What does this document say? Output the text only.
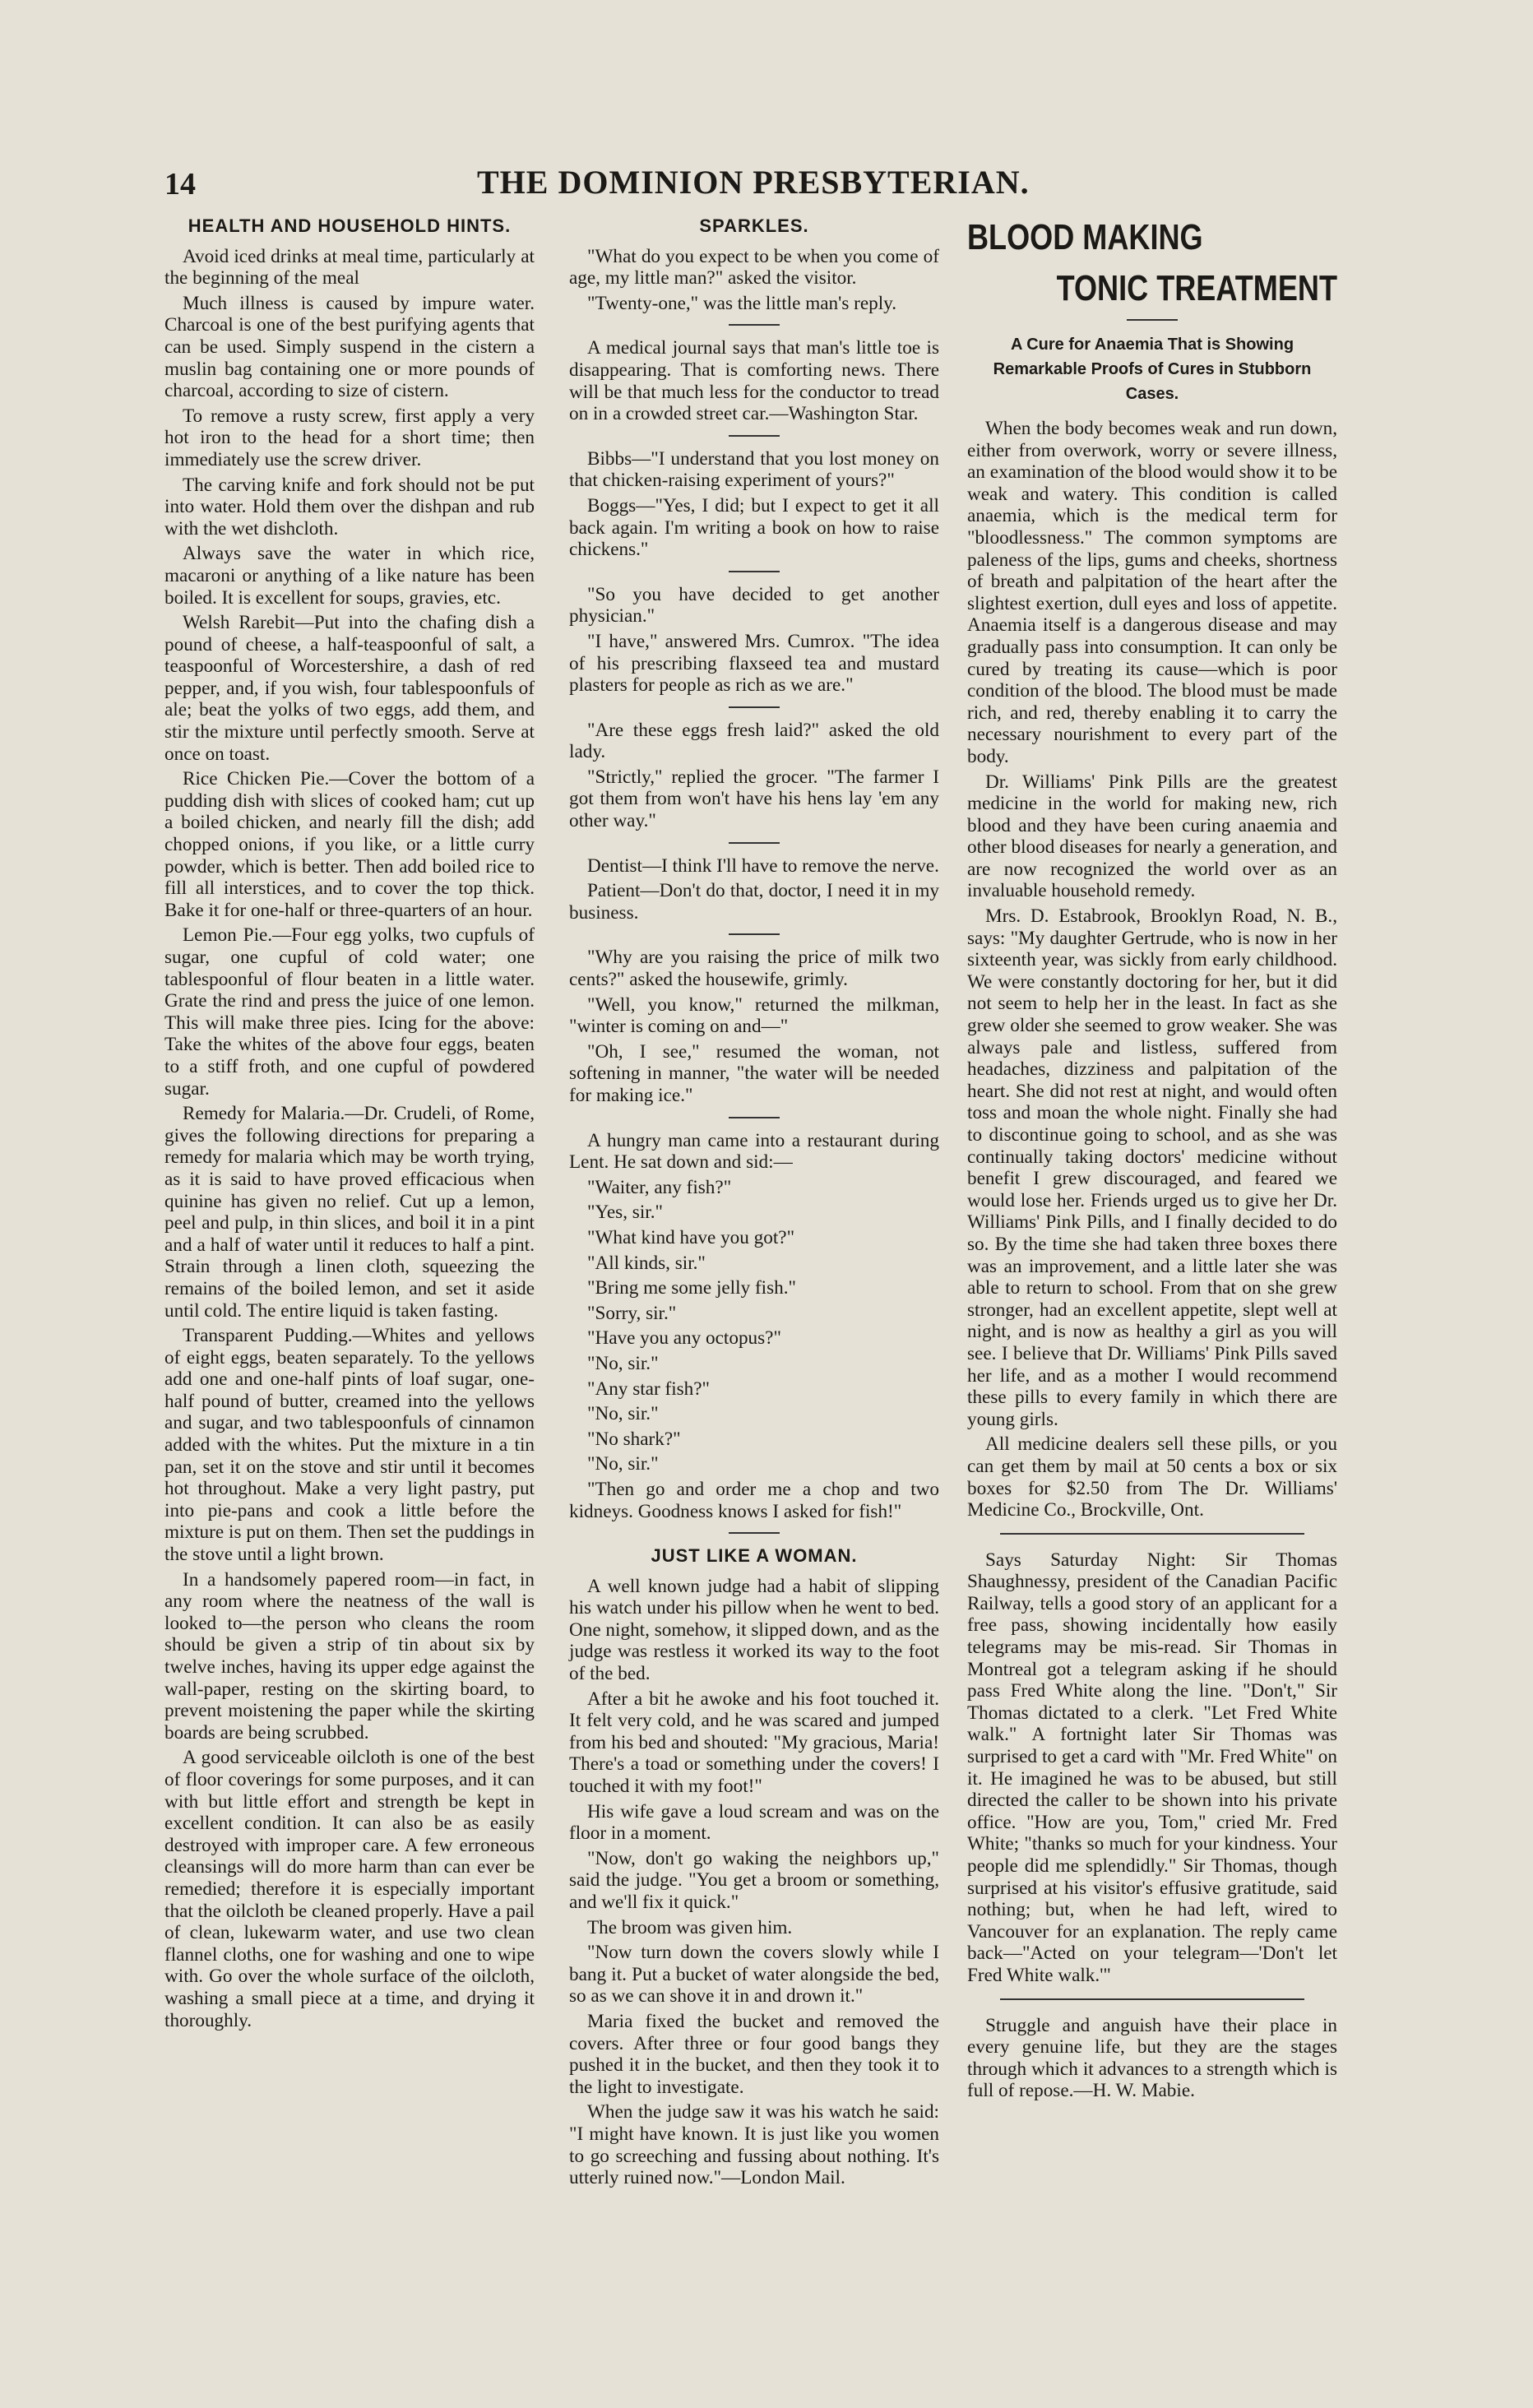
14	THE DOMINION PRESBYTERIAN.
HEALTH AND HOUSEHOLD HINTS.

Avoid iced drinks at meal time, particularly at the beginning of the meal

Much illness is caused by impure water. Charcoal is one of the best purifying agents that can be used. Simply suspend in the cistern a muslin bag containing one or more pounds of charcoal, according to size of cistern.

To remove a rusty screw, first apply a very hot iron to the head for a short time; then immediately use the screw driver.

The carving knife and fork should not be put into water. Hold them over the dishpan and rub with the wet dishcloth.

Always save the water in which rice, macaroni or anything of a like nature has been boiled. It is excellent for soups, gravies, etc.

Welsh Rarebit—Put into the chafing dish a pound of cheese, a half-teaspoonful of salt, a teaspoonful of Worcestershire, a dash of red pepper, and, if you wish, four tablespoonfuls of ale; beat the yolks of two eggs, add them, and stir the mixture until perfectly smooth. Serve at once on toast.

Rice Chicken Pie.—Cover the bottom of a pudding dish with slices of cooked ham; cut up a boiled chicken, and nearly fill the dish; add chopped onions, if you like, or a little curry powder, which is better. Then add boiled rice to fill all interstices, and to cover the top thick. Bake it for one-half or three-quarters of an hour.

Lemon Pie.—Four egg yolks, two cupfuls of sugar, one cupful of cold water; one tablespoonful of flour beaten in a little water. Grate the rind and press the juice of one lemon. This will make three pies. Icing for the above: Take the whites of the above four eggs, beaten to a stiff froth, and one cupful of powdered sugar.

Remedy for Malaria.—Dr. Crudeli, of Rome, gives the following directions for preparing a remedy for malaria which may be worth trying, as it is said to have proved efficacious when quinine has given no relief. Cut up a lemon, peel and pulp, in thin slices, and boil it in a pint and a half of water until it reduces to half a pint. Strain through a linen cloth, squeezing the remains of the boiled lemon, and set it aside until cold. The entire liquid is taken fasting.

Transparent Pudding.—Whites and yellows of eight eggs, beaten separately. To the yellows add one and one-half pints of loaf sugar, one-half pound of butter, creamed into the yellows and sugar, and two tablespoonfuls of cinnamon added with the whites. Put the mixture in a tin pan, set it on the stove and stir until it becomes hot throughout. Make a very light pastry, put into pie-pans and cook a little before the mixture is put on them. Then set the puddings in the stove until a light brown.

In a handsomely papered room—in fact, in any room where the neatness of the wall is looked to—the person who cleans the room should be given a strip of tin about six by twelve inches, having its upper edge against the wall-paper, resting on the skirting board, to prevent moistening the paper while the skirting boards are being scrubbed.

A good serviceable oilcloth is one of the best of floor coverings for some purposes, and it can with but little effort and strength be kept in excellent condition. It can also be as easily destroyed with improper care. A few erroneous cleansings will do more harm than can ever be remedied; therefore it is especially important that the oilcloth be cleaned properly. Have a pail of clean, lukewarm water, and use two clean flannel cloths, one for washing and one to wipe with. Go over the whole surface of the oilcloth, washing a small piece at a time, and drying it thoroughly.

SPARKLES.

"What do you expect to be when you come of age, my little man?" asked the visitor.

"Twenty-one," was the little man's reply.

A medical journal says that man's little toe is disappearing. That is comforting news. There will be that much less for the conductor to tread on in a crowded street car.—Washington Star.

Bibbs—"I understand that you lost money on that chicken-raising experiment of yours?"

Boggs—"Yes, I did; but I expect to get it all back again. I'm writing a book on how to raise chickens."

"So you have decided to get another physician."

"I have," answered Mrs. Cumrox. "The idea of his prescribing flaxseed tea and mustard plasters for people as rich as we are."

"Are these eggs fresh laid?" asked the old lady.

"Strictly," replied the grocer. "The farmer I got them from won't have his hens lay 'em any other way."

Dentist—I think I'll have to remove the nerve.

Patient—Don't do that, doctor, I need it in my business.

"Why are you raising the price of milk two cents?" asked the housewife, grimly.

"Well, you know," returned the milkman, "winter is coming on and—"

"Oh, I see," resumed the woman, not softening in manner, "the water will be needed for making ice."

A hungry man came into a restaurant during Lent. He sat down and sid:—

"Waiter, any fish?"

"Yes, sir."

"What kind have you got?"

"All kinds, sir."

"Bring me some jelly fish."

"Sorry, sir."

"Have you any octopus?"

"No, sir."

"Any star fish?"

"No, sir."

"No shark?"

"No, sir."

"Then go and order me a chop and two kidneys. Goodness knows I asked for fish!"

JUST LIKE A WOMAN.

A well known judge had a habit of slipping his watch under his pillow when he went to bed. One night, somehow, it slipped down, and as the judge was restless it worked its way to the foot of the bed.

After a bit he awoke and his foot touched it. It felt very cold, and he was scared and jumped from his bed and shouted: "My gracious, Maria! There's a toad or something under the covers! I touched it with my foot!"

His wife gave a loud scream and was on the floor in a moment.

"Now, don't go waking the neighbors up," said the judge. "You get a broom or something, and we'll fix it quick."

The broom was given him.

"Now turn down the covers slowly while I bang it. Put a bucket of water alongside the bed, so as we can shove it in and drown it."

Maria fixed the bucket and removed the covers. After three or four good bangs they pushed it in the bucket, and then they took it to the light to investigate.

When the judge saw it was his watch he said: "I might have known. It is just like you women to go screeching and fussing about nothing. It's utterly ruined now."—London Mail.

BLOOD MAKING
TONIC TREATMENT
A Cure for Anaemia That is Showing Remarkable Proofs of Cures in Stubborn Cases.

When the body becomes weak and run down, either from overwork, worry or severe illness, an examination of the blood would show it to be weak and watery. This condition is called anaemia, which is the medical term for "bloodlessness." The common symptoms are paleness of the lips, gums and cheeks, shortness of breath and palpitation of the heart after the slightest exertion, dull eyes and loss of appetite. Anaemia itself is a dangerous disease and may gradually pass into consumption. It can only be cured by treating its cause—which is poor condition of the blood. The blood must be made rich, and red, thereby enabling it to carry the necessary nourishment to every part of the body.

Dr. Williams' Pink Pills are the greatest medicine in the world for making new, rich blood and they have been curing anaemia and other blood diseases for nearly a generation, and are now recognized the world over as an invaluable household remedy.

Mrs. D. Estabrook, Brooklyn Road, N. B., says: "My daughter Gertrude, who is now in her sixteenth year, was sickly from early childhood. We were constantly doctoring for her, but it did not seem to help her in the least. In fact as she grew older she seemed to grow weaker. She was always pale and listless, suffered from headaches, dizziness and palpitation of the heart. She did not rest at night, and would often toss and moan the whole night. Finally she had to discontinue going to school, and as she was continually taking doctors' medicine without benefit I grew discouraged, and feared we would lose her. Friends urged us to give her Dr. Williams' Pink Pills, and I finally decided to do so. By the time she had taken three boxes there was an improvement, and a little later she was able to return to school. From that on she grew stronger, had an excellent appetite, slept well at night, and is now as healthy a girl as you will see. I believe that Dr. Williams' Pink Pills saved her life, and as a mother I would recommend these pills to every family in which there are young girls.

All medicine dealers sell these pills, or you can get them by mail at 50 cents a box or six boxes for $2.50 from The Dr. Williams' Medicine Co., Brockville, Ont.

Says Saturday Night: Sir Thomas Shaughnessy, president of the Canadian Pacific Railway, tells a good story of an applicant for a free pass, showing incidentally how easily telegrams may be mis-read. Sir Thomas in Montreal got a telegram asking if he should pass Fred White along the line. "Don't," Sir Thomas dictated to a clerk. "Let Fred White walk." A fortnight later Sir Thomas was surprised to get a card with "Mr. Fred White" on it. He imagined he was to be abused, but still directed the caller to be shown into his private office. "How are you, Tom," cried Mr. Fred White; "thanks so much for your kindness. Your people did me splendidly." Sir Thomas, though surprised at his visitor's effusive gratitude, said nothing; but, when he had left, wired to Vancouver for an explanation. The reply came back—"Acted on your telegram—'Don't let Fred White walk.'"

Struggle and anguish have their place in every genuine life, but they are the stages through which it advances to a strength which is full of repose.—H. W. Mabie.
